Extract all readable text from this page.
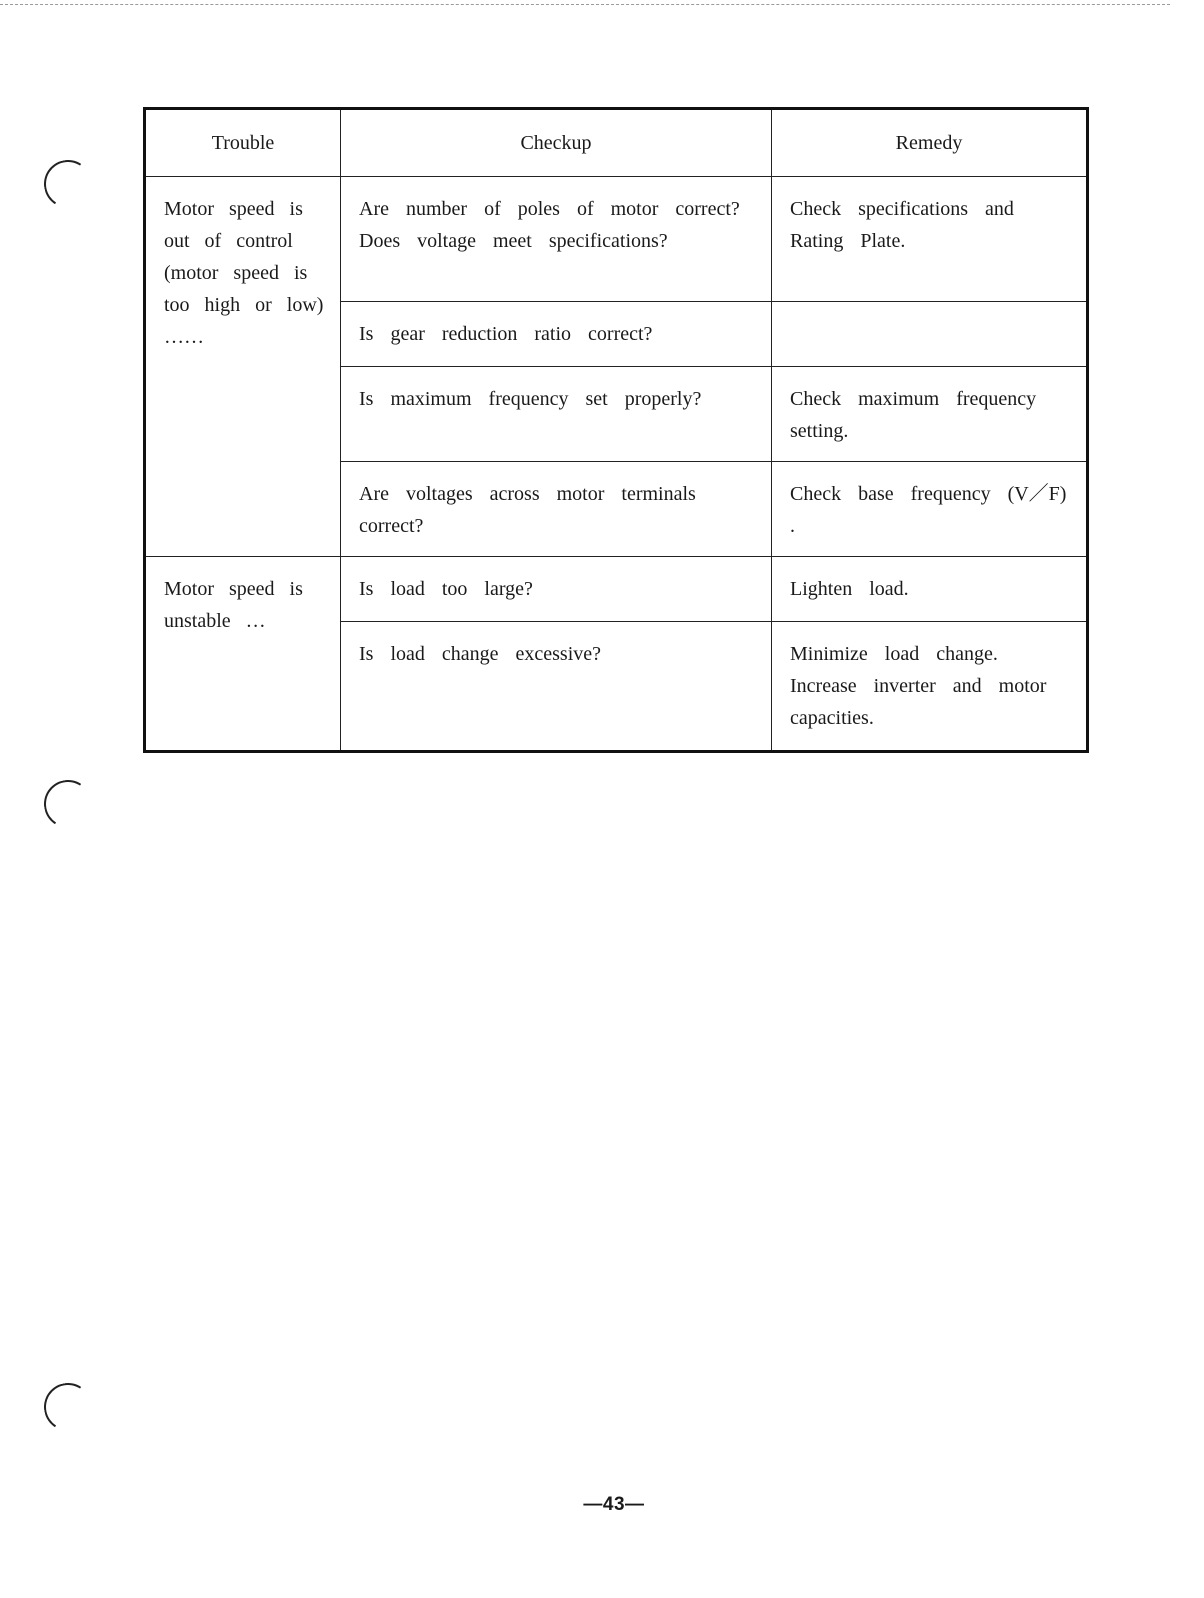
Trouble	Checkup	Remedy
Motor speed is out of control (motor speed is too high or low) ……	Are number of poles of motor correct? Does voltage meet specifications?	Check specifications and Rating Plate.
	Is gear reduction ratio correct?	
	Is maximum frequency set properly?	Check maximum frequency setting.
	Are voltages across motor terminals correct?	Check base frequency (V／F) .
Motor speed is unstable …	Is load too large?	Lighten load.
	Is load change excessive?	Minimize load change. Increase inverter and motor capacities.
—43—
